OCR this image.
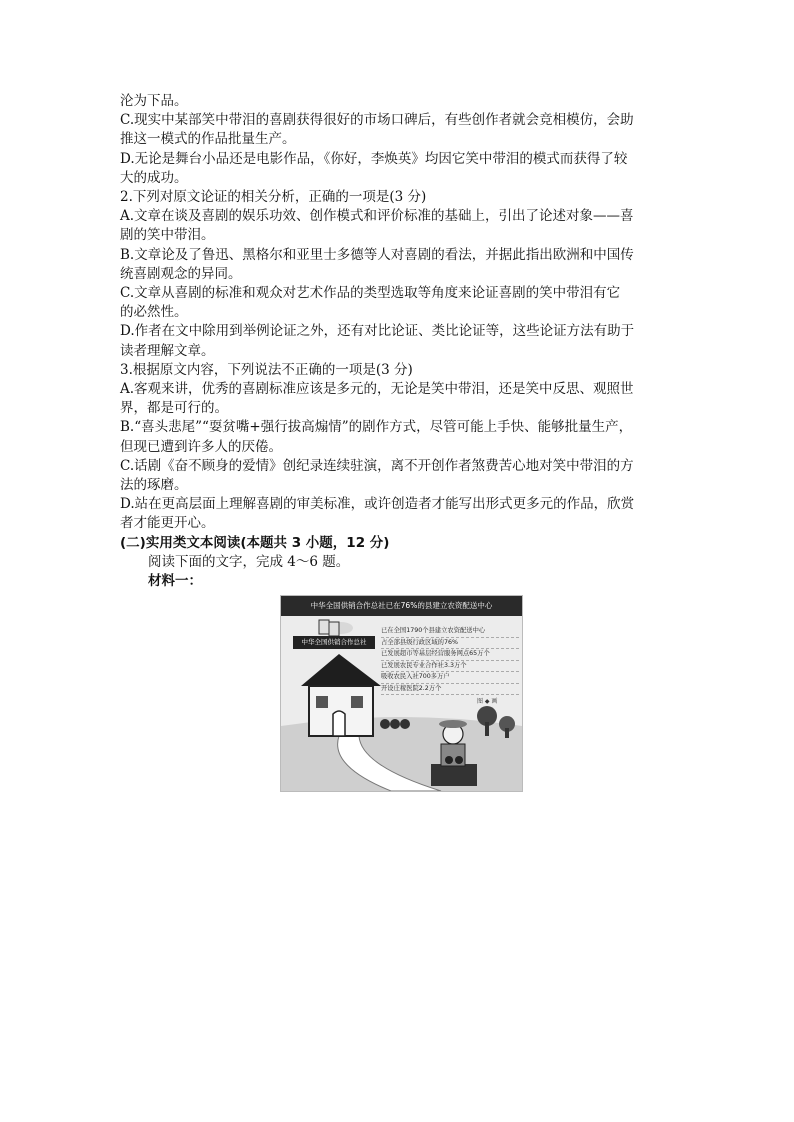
沦为下品。

C.现实中某部笑中带泪的喜剧获得很好的市场口碑后，有些创作者就会竞相模仿，会助

推这一模式的作品批量生产。

D.无论是舞台小品还是电影作品，《你好，李焕英》均因它笑中带泪的模式而获得了较

大的成功。

2.下列对原文论证的相关分析，正确的一项是(3 分)

A.文章在谈及喜剧的娱乐功效、创作模式和评价标准的基础上，引出了论述对象——喜

剧的笑中带泪。

B.文章论及了鲁迅、黑格尔和亚里士多德等人对喜剧的看法，并据此指出欧洲和中国传

统喜剧观念的异同。

C.文章从喜剧的标准和观众对艺术作品的类型选取等角度来论证喜剧的笑中带泪有它

的必然性。

D.作者在文中除用到举例论证之外，还有对比论证、类比论证等，这些论证方法有助于

读者理解文章。

3.根据原文内容，下列说法不正确的一项是(3 分)

A.客观来讲，优秀的喜剧标准应该是多元的，无论是笑中带泪，还是笑中反思、观照世

界，都是可行的。

B.“喜头悲尾”“耍贫嘴+强行拔高煽情”的剧作方式，尽管可能上手快、能够批量生产，

但现已遭到许多人的厌倦。

C.话剧《奋不顾身的爱情》创纪录连续驻演，离不开创作者煞费苦心地对笑中带泪的方

法的琢磨。

D.站在更高层面上理解喜剧的审美标准，或许创造者才能写出形式更多元的作品，欣赏

者才能更开心。

(二)实用类文本阅读(本题共 3 小题，12 分)

阅读下面的文字，完成 4～6 题。

材料一：

中华全国供销合作总社已在76%的县建立农资配送中心
中华全国供销合作总社
已在全国1790个县建立农资配送中心
占全部县级行政区域的76%
已发展超市等基层经营服务网点65万个
已发展农民专业合作社3.3万个
吸收农民入社700多万户
开设庄稼医院2.2万个
图 ◆ 画
